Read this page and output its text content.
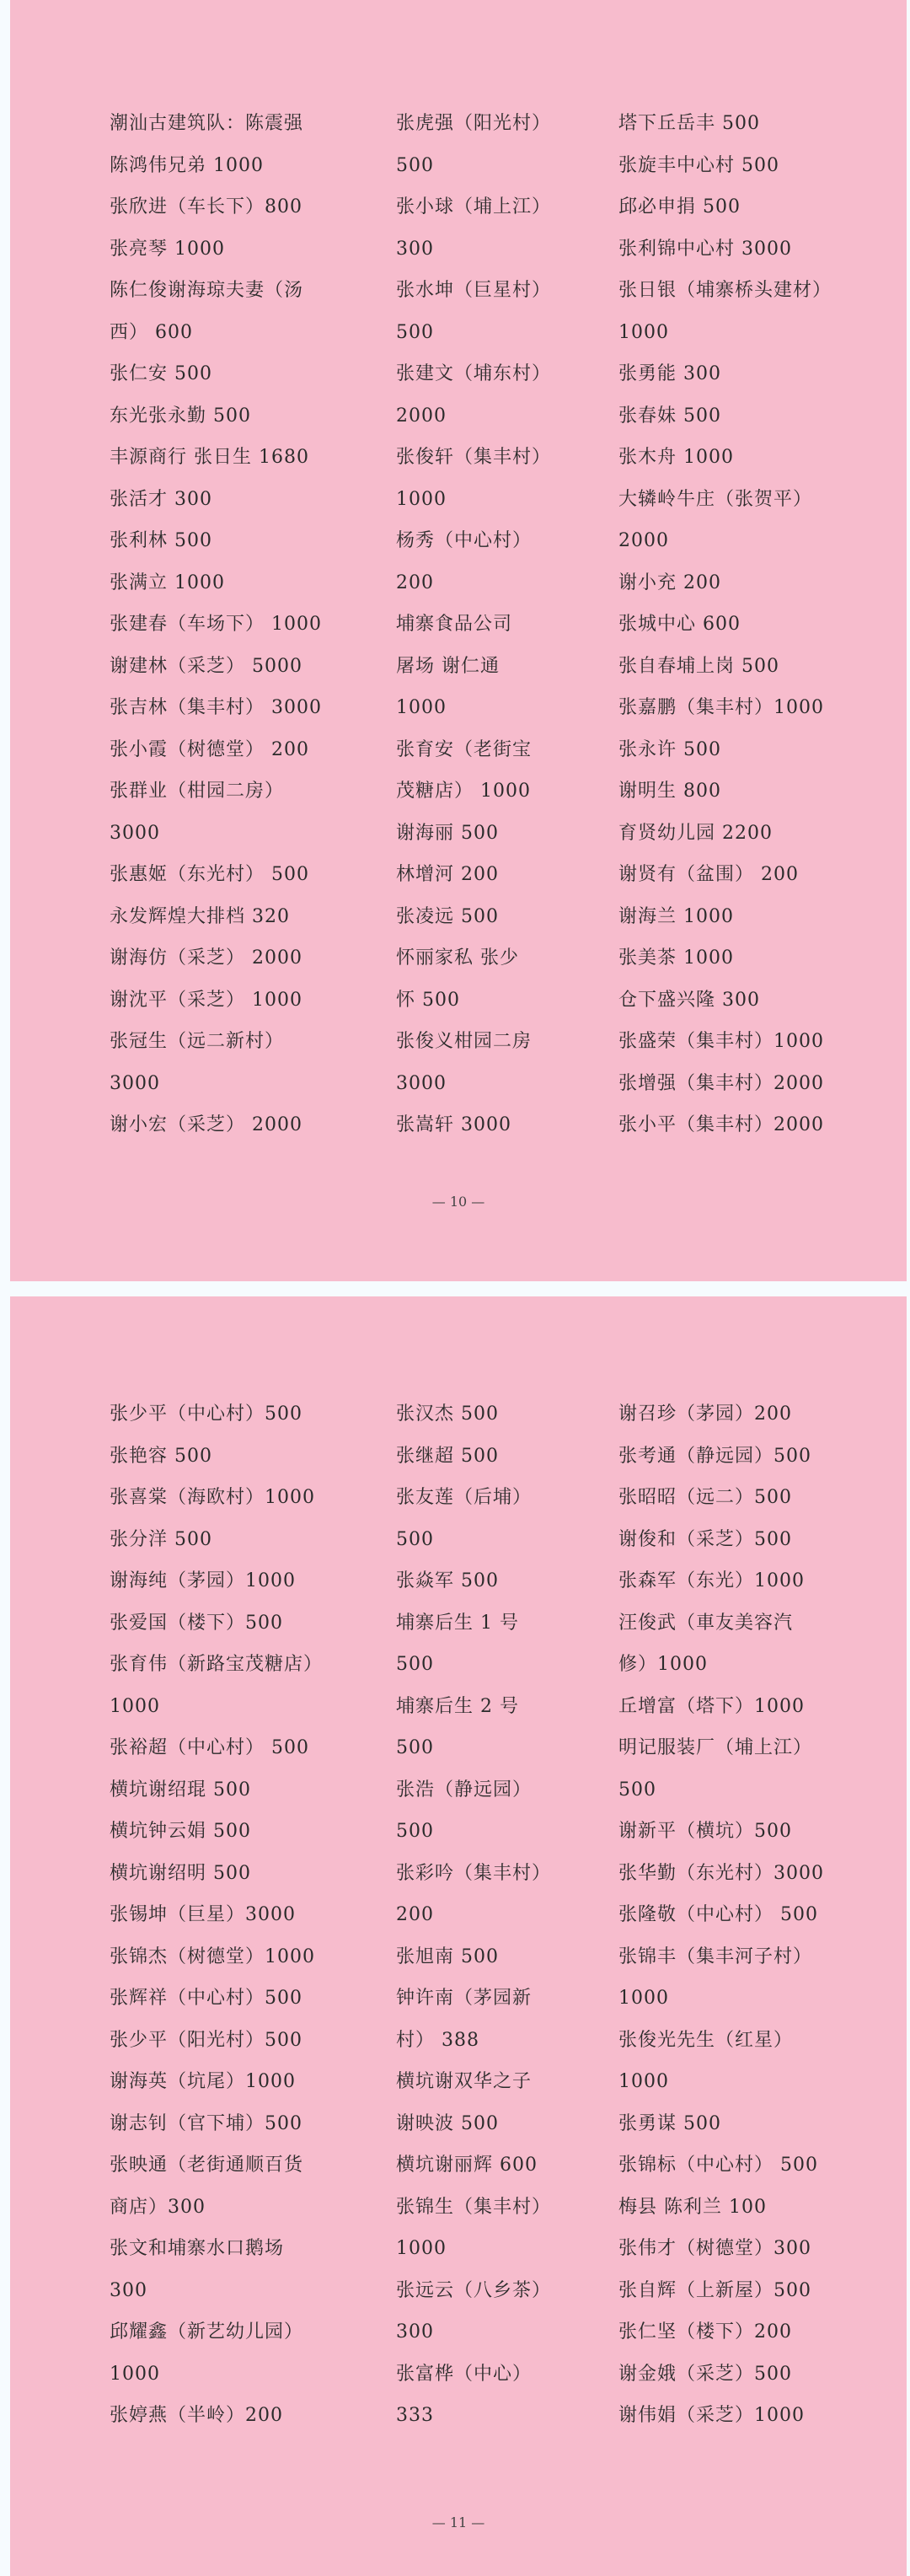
潮汕古建筑队：陈震强
陈鸿伟兄弟 1000
张欣进（车长下）800
张亮琴 1000
陈仁俊谢海琼夫妻（汤
西） 600
张仁安 500
东光张永勤 500
丰源商行 张日生 1680
张活才 300
张利林 500
张满立 1000
张建春（车场下） 1000
谢建林（采芝） 5000
张吉林（集丰村） 3000
张小霞（树德堂） 200
张群业（柑园二房）
3000
张惠姬（东光村） 500
永发辉煌大排档 320
谢海仿（采芝） 2000
谢沈平（采芝） 1000
张冠生（远二新村）
3000
谢小宏（采芝） 2000
张虎强（阳光村）
500
张小球（埔上江）
300
张水坤（巨星村）
500
张建文（埔东村）
2000
张俊轩（集丰村）
1000
杨秀（中心村）
200
埔寨食品公司
屠场 谢仁通
1000
张育安（老街宝
茂糖店） 1000
谢海丽 500
林增河 200
张凌远 500
怀丽家私 张少
怀 500
张俊义柑园二房
3000
张嵩轩 3000
塔下丘岳丰 500
张旋丰中心村 500
邱必申捐 500
张利锦中心村 3000
张日银（埔寨桥头建材）
1000
张勇能 300
张春妹 500
张木舟 1000
大辚岭牛庄（张贺平）
2000
谢小充 200
张城中心 600
张自春埔上岗 500
张嘉鹏（集丰村）1000
张永许 500
谢明生 800
育贤幼儿园 2200
谢贤有（盆围） 200
谢海兰 1000
张美茶 1000
仓下盛兴隆 300
张盛荣（集丰村）1000
张增强（集丰村）2000
张小平（集丰村）2000
— 10 —
张少平（中心村）500
张艳容 500
张喜棠（海欧村）1000
张分洋 500
谢海纯（茅园）1000
张爱国（楼下）500
张育伟（新路宝茂糖店）
1000
张裕超（中心村） 500
横坑谢绍琨 500
横坑钟云娟 500
横坑谢绍明 500
张锡坤（巨星）3000
张锦杰（树德堂）1000
张辉祥（中心村）500
张少平（阳光村）500
谢海英（坑尾）1000
谢志钊（官下埔）500
张映通（老街通顺百货
商店）300
张文和埔寨水口鹅场
300
邱耀鑫（新艺幼儿园）
1000
张婷燕（半岭）200
张汉杰 500
张继超 500
张友莲（后埔）
500
张焱军 500
埔寨后生 1 号
500
埔寨后生 2 号
500
张浩（静远园）
500
张彩吟（集丰村）
200
张旭南 500
钟许南（茅园新
村） 388
横坑谢双华之子
谢映波 500
横坑谢丽辉 600
张锦生（集丰村）
1000
张远云（八乡茶）
300
张富桦（中心）
333
谢召珍（茅园）200
张考通（静远园）500
张昭昭（远二）500
谢俊和（采芝）500
张森军（东光）1000
汪俊武（車友美容汽
修）1000
丘增富（塔下）1000
明记服装厂（埔上江）
500
谢新平（横坑）500
张华勤（东光村）3000
张隆敬（中心村） 500
张锦丰（集丰河子村）
1000
张俊光先生（红星）
1000
张勇谋 500
张锦标（中心村） 500
梅县 陈利兰 100
张伟才（树德堂）300
张自辉（上新屋）500
张仁坚（楼下）200
谢金娥（采芝）500
谢伟娟（采芝）1000
— 11 —
